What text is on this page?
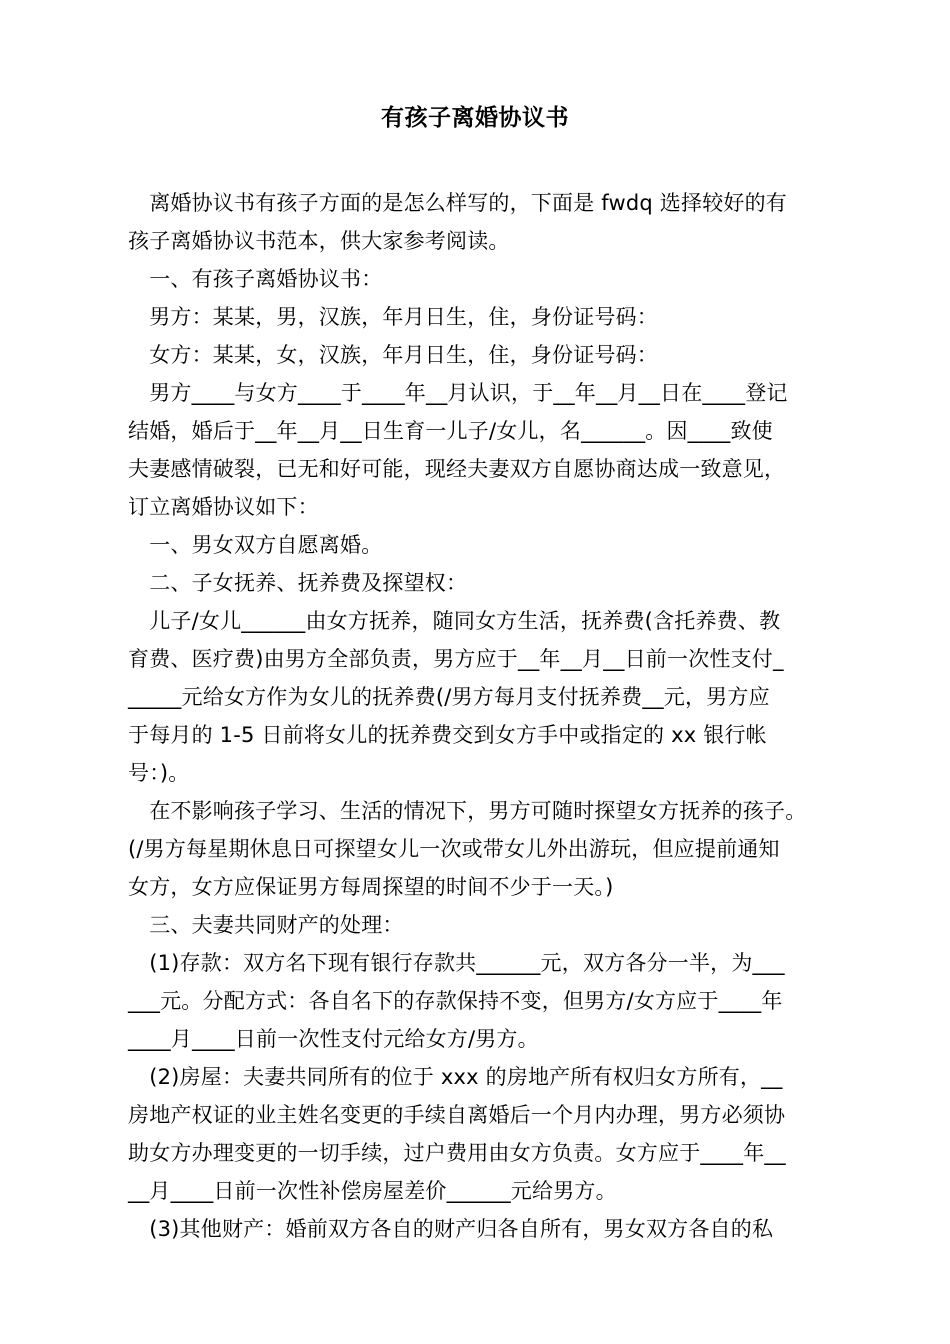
有孩子离婚协议书
　离婚协议书有孩子方面的是怎么样写的，下面是 fwdq 选择较好的有
孩子离婚协议书范本，供大家参考阅读。
　一、有孩子离婚协议书：
　男方：某某，男，汉族，年月日生，住，身份证号码：
　女方：某某，女，汉族，年月日生，住，身份证号码：
　男方____与女方____于____年__月认识，于__年__月__日在____登记
结婚，婚后于__年__月__日生育一儿子/女儿，名______。因____致使
夫妻感情破裂，已无和好可能，现经夫妻双方自愿协商达成一致意见，
订立离婚协议如下：
　一、男女双方自愿离婚。
　二、子女抚养、抚养费及探望权：
　儿子/女儿______由女方抚养，随同女方生活，抚养费(含托养费、教
育费、医疗费)由男方全部负责，男方应于__年__月__日前一次性支付_
_____元给女方作为女儿的抚养费(/男方每月支付抚养费__元，男方应
于每月的 1-5 日前将女儿的抚养费交到女方手中或指定的 xx 银行帐
号：)。
　在不影响孩子学习、生活的情况下，男方可随时探望女方抚养的孩子。
(/男方每星期休息日可探望女儿一次或带女儿外出游玩，但应提前通知
女方，女方应保证男方每周探望的时间不少于一天。)
　三、夫妻共同财产的处理：
　(1)存款：双方名下现有银行存款共______元，双方各分一半，为___
___元。分配方式：各自名下的存款保持不变，但男方/女方应于____年
____月____日前一次性支付元给女方/男方。
　(2)房屋：夫妻共同所有的位于 xxx 的房地产所有权归女方所有，__
房地产权证的业主姓名变更的手续自离婚后一个月内办理，男方必须协
助女方办理变更的一切手续，过户费用由女方负责。女方应于____年__
__月____日前一次性补偿房屋差价______元给男方。
　(3)其他财产：婚前双方各自的财产归各自所有，男女双方各自的私
